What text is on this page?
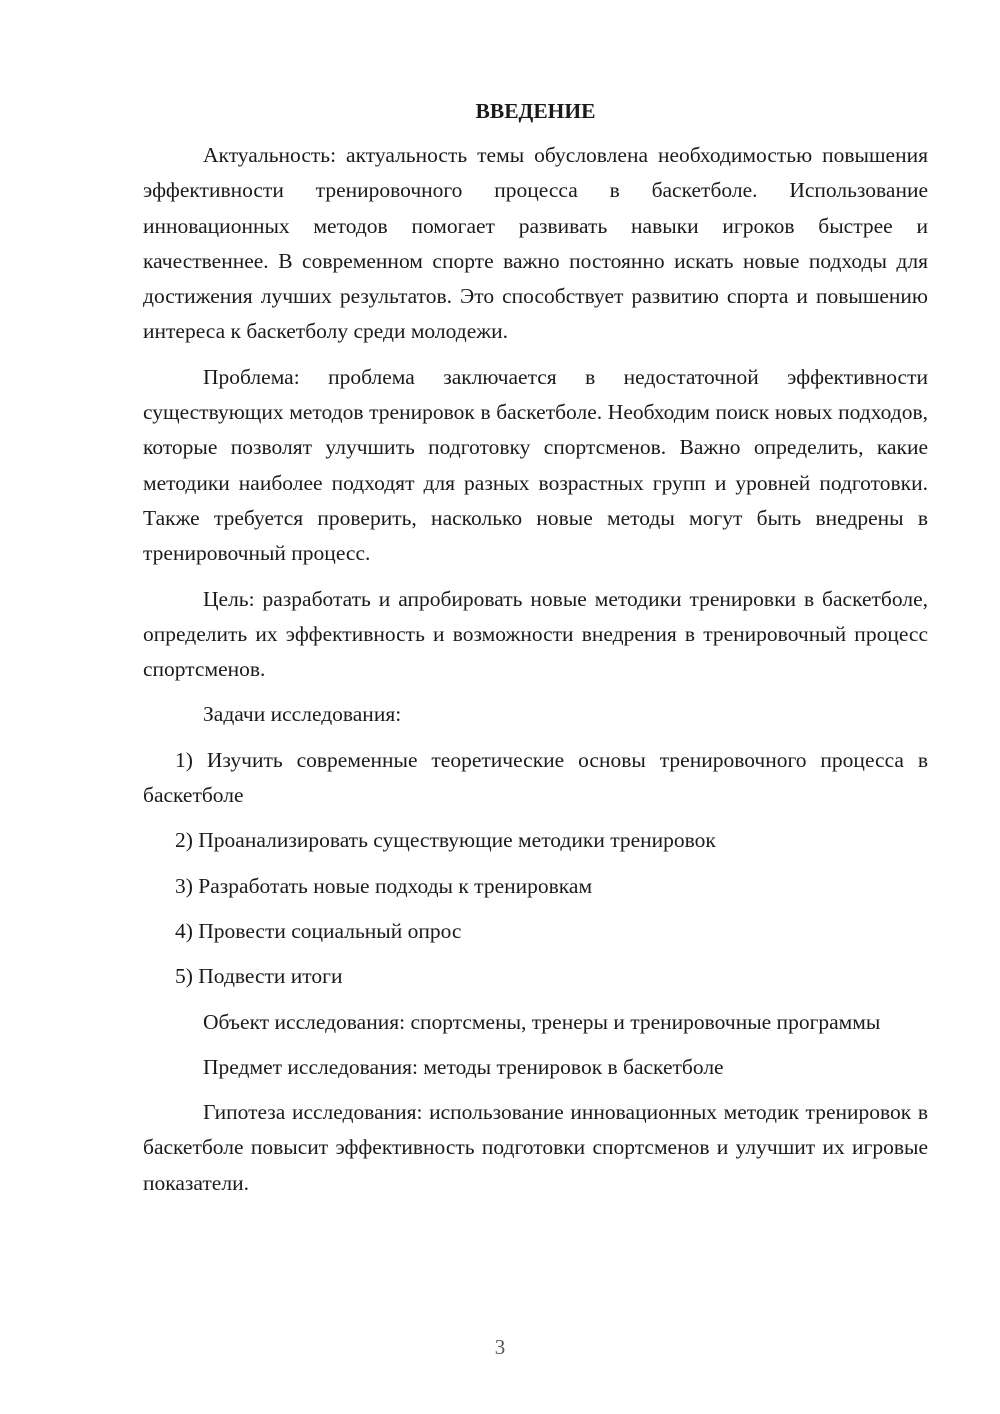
ВВЕДЕНИЕ

Актуальность: актуальность темы обусловлена необходимостью повышения эффективности тренировочного процесса в баскетболе. Использование инновационных методов помогает развивать навыки игроков быстрее и качественнее. В современном спорте важно постоянно искать новые подходы для достижения лучших результатов. Это способствует развитию спорта и повышению интереса к баскетболу среди молодежи.

Проблема: проблема заключается в недостаточной эффективности существующих методов тренировок в баскетболе. Необходим поиск новых подходов, которые позволят улучшить подготовку спортсменов. Важно определить, какие методики наиболее подходят для разных возрастных групп и уровней подготовки. Также требуется проверить, насколько новые методы могут быть внедрены в тренировочный процесс.

Цель: разработать и апробировать новые методики тренировки в баскетболе, определить их эффективность и возможности внедрения в тренировочный процесс спортсменов.

Задачи исследования:

1) Изучить современные теоретические основы тренировочного процесса в баскетболе

2) Проанализировать существующие методики тренировок

3) Разработать новые подходы к тренировкам

4) Провести социальный опрос

5) Подвести итоги

Объект исследования: спортсмены, тренеры и тренировочные программы

Предмет исследования: методы тренировок в баскетболе

Гипотеза исследования: использование инновационных методик тренировок в баскетболе повысит эффективность подготовки спортсменов и улучшит их игровые показатели.

3
